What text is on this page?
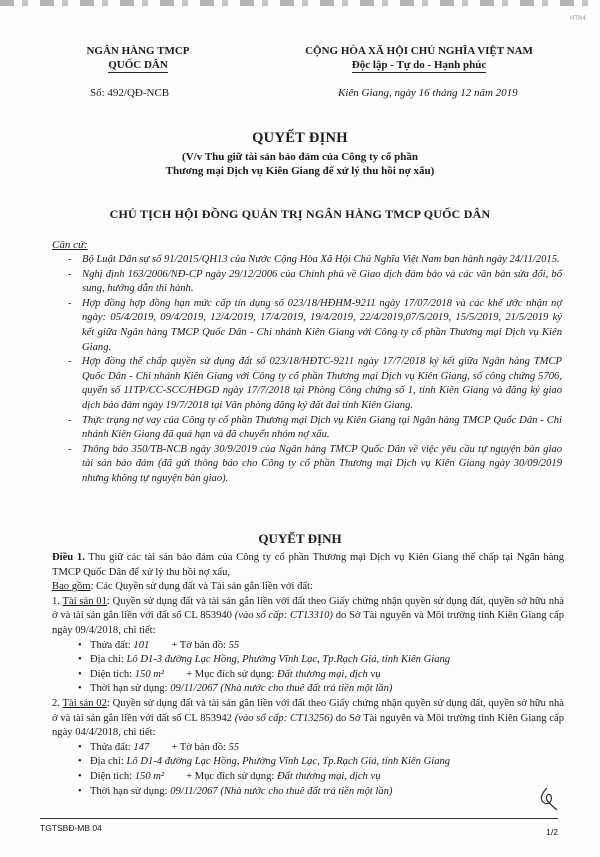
HTR4
NGÂN HÀNG TMCP
QUỐC DÂN
CỘNG HÒA XÃ HỘI CHỦ NGHĨA VIỆT NAM
Độc lập - Tự do - Hạnh phúc
Số: 492/QĐ-NCB	Kiên Giang, ngày 16 tháng 12 năm 2019
QUYẾT ĐỊNH
(V/v Thu giữ tài sản bảo đảm của Công ty cổ phần
Thương mại Dịch vụ Kiên Giang để xử lý thu hồi nợ xấu)
CHỦ TỊCH HỘI ĐỒNG QUẢN TRỊ NGÂN HÀNG TMCP QUỐC DÂN
Căn cứ:
- Bộ Luật Dân sự số 91/2015/QH13 của Nước Cộng Hòa Xã Hội Chủ Nghĩa Việt Nam ban hành ngày 24/11/2015.
- Nghị định 163/2006/NĐ-CP ngày 29/12/2006 của Chính phủ về Giao dịch đảm bảo và các văn bản sửa đổi, bổ sung, hướng dẫn thi hành.
- Hợp đồng hợp đồng hạn mức cấp tín dụng số 023/18/HĐHM-9211 ngày 17/07/2018 và các khế ước nhận nợ ngày: 05/4/2019, 09/4/2019, 12/4/2019, 17/4/2019, 19/4/2019, 22/4/2019,07/5/2019, 15/5/2019, 21/5/2019 ký kết giữa Ngân hàng TMCP Quốc Dân - Chi nhánh Kiên Giang với Công ty cổ phần Thương mại Dịch vụ Kiên Giang.
- Hợp đồng thế chấp quyền sử dụng đất số 023/18/HĐTC-9211 ngày 17/7/2018 ký kết giữa Ngân hàng TMCP Quốc Dân - Chi nhánh Kiên Giang với Công ty cổ phần Thương mại Dịch vụ Kiên Giang, số công chứng 5706, quyển số 11TP/CC-SCC/HĐGD ngày 17/7/2018 tại Phòng Công chứng số 1, tỉnh Kiên Giang và đăng ký giao dịch bảo đảm ngày 19/7/2018 tại Văn phòng đăng ký đất đai tỉnh Kiên Giang.
- Thực trạng nợ vay của Công ty cổ phần Thương mại Dịch vụ Kiên Giang tại Ngân hàng TMCP Quốc Dân - Chi nhánh Kiên Giang đã quá hạn và đã chuyển nhóm nợ xấu.
- Thông báo 350/TB-NCB ngày 30/9/2019 của Ngân hàng TMCP Quốc Dân về việc yêu cầu tự nguyện bàn giao tài sản bảo đảm (đã gửi thông báo cho Công ty cổ phần Thương mại Dịch vụ Kiên Giang ngày 30/09/2019 nhưng không tự nguyện bàn giao).
QUYẾT ĐỊNH

Điều 1. Thu giữ các tài sản bảo đảm của Công ty cổ phần Thương mại Dịch vụ Kiên Giang thế chấp tại Ngân hàng TMCP Quốc Dân để xử lý thu hồi nợ xấu,

Bao gồm: Các Quyền sử dụng đất và Tài sản gắn liền với đất:

1. Tài sản 01: Quyền sử dụng đất và tài sản gắn liền với đất theo Giấy chứng nhận quyền sử dụng đất, quyền sở hữu nhà ở và tài sản gắn liền với đất số CL 853940 (vào sổ cấp: CT13310) do Sở Tài nguyên và Môi trường tỉnh Kiên Giang cấp ngày 09/4/2018, chi tiết:

• Thửa đất: 101 + Tờ bản đồ: 55
• Địa chỉ: Lô D1-3 đường Lạc Hồng, Phường Vĩnh Lạc, Tp.Rạch Giá, tỉnh Kiên Giang
• Diện tích: 150 m² + Mục đích sử dụng: Đất thương mại, dịch vụ
• Thời hạn sử dụng: 09/11/2067 (Nhà nước cho thuê đất trả tiền một lần)

2. Tài sản 02: Quyền sử dụng đất và tài sản gắn liền với đất theo Giấy chứng nhận quyền sử dụng đất, quyền sở hữu nhà ở và tài sản gắn liền với đất số CL 853942 (vào sổ cấp: CT13256) do Sở Tài nguyên và Môi trường tỉnh Kiên Giang cấp ngày 04/4/2018, chi tiết:

• Thửa đất: 147 + Tờ bản đồ: 55
• Địa chỉ: Lô D1-4 đường Lạc Hồng, Phường Vĩnh Lạc, Tp.Rạch Giá, tỉnh Kiên Giang
• Diện tích: 150 m² + Mục đích sử dụng: Đất thương mại, dịch vụ
• Thời hạn sử dụng: 09/11/2067 (Nhà nước cho thuê đất trả tiền một lần)
TGTSBĐ-MB 04	1/2
